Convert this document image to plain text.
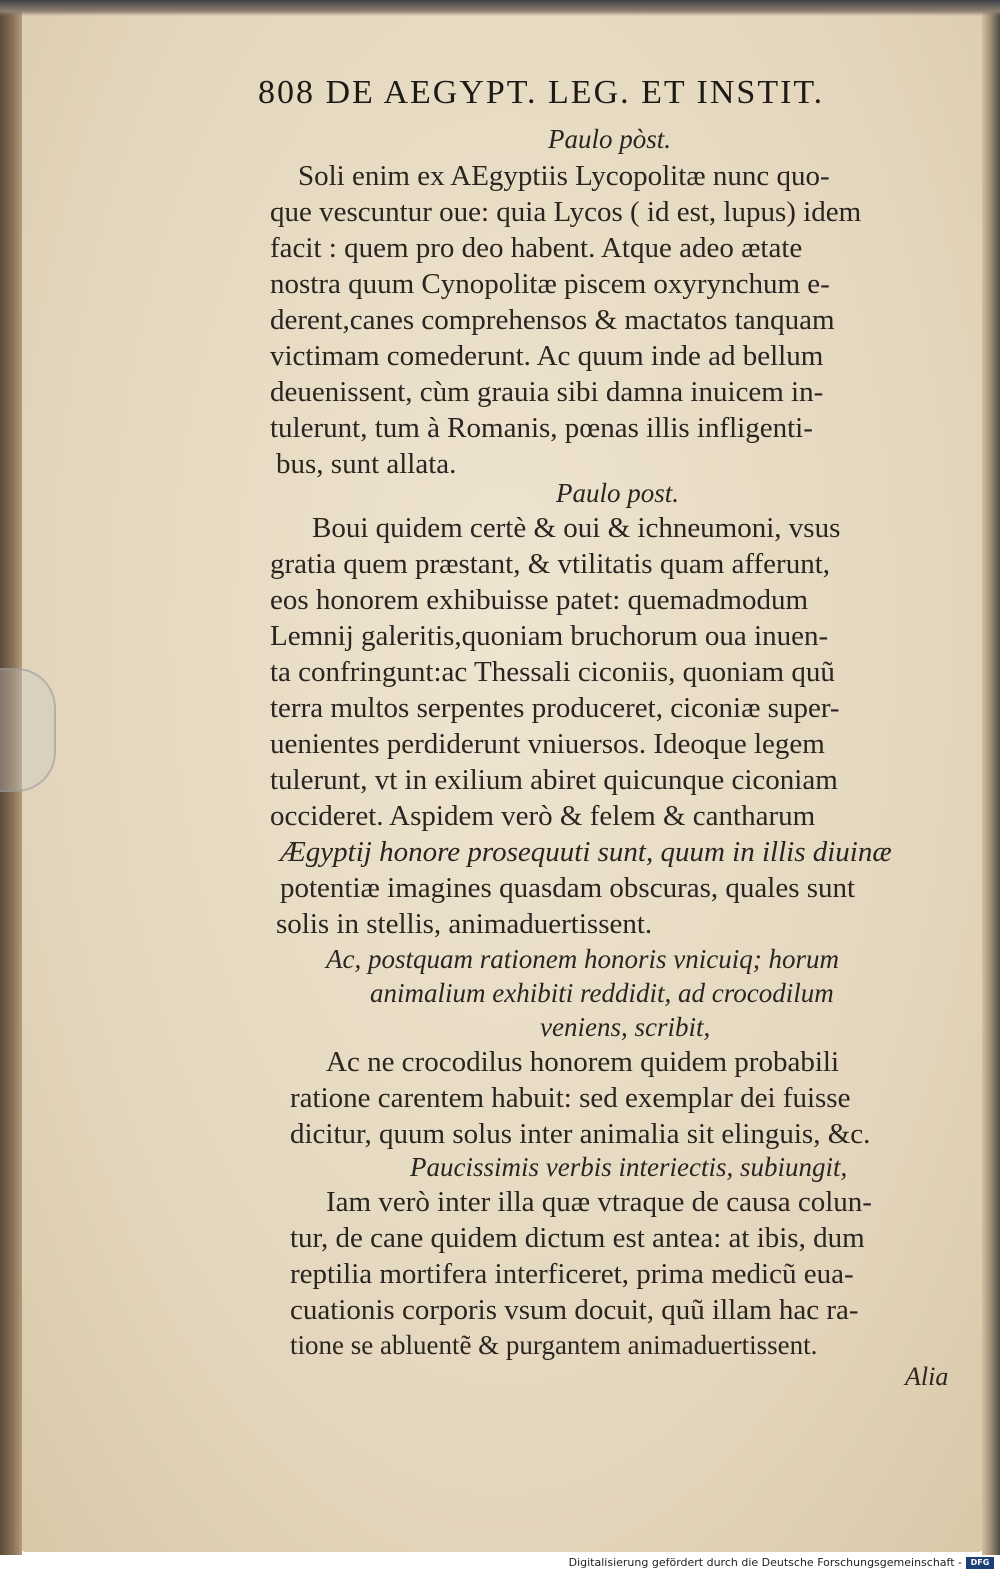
808 DE AEGYPT. LEG. ET INSTIT.
Paulo pòst.
Soli enim ex AEgyptiis Lycopolitæ nunc quo-
que vescuntur oue: quia Lycos ( id est, lupus) idem
facit : quem pro deo habent. Atque adeo ætate
nostra quum Cynopolitæ piscem oxyrynchum e-
derent,canes comprehensos & mactatos tanquam
victimam comederunt. Ac quum inde ad bellum
deuenissent, cùm grauia sibi damna inuicem in-
tulerunt, tum à Romanis, pœnas illis infligenti-
bus, sunt allata.
Paulo post.
Boui quidem certè & oui & ichneumoni, vsus
gratia quem præstant, & vtilitatis quam afferunt,
eos honorem exhibuisse patet: quemadmodum
Lemnij galeritis,quoniam bruchorum oua inuen-
ta confringunt:ac Thessali ciconiis, quoniam quũ
terra multos serpentes produceret, ciconiæ super-
uenientes perdiderunt vniuersos. Ideoque legem
tulerunt, vt in exilium abiret quicunque ciconiam
occideret. Aspidem verò & felem & cantharum
Ægyptij honore prosequuti sunt, quum in illis diuinæ
potentiæ imagines quasdam obscuras, quales sunt
solis in stellis, animaduertissent.
Ac, postquam rationem honoris vnicuiq; horum
animalium exhibiti reddidit, ad crocodilum
veniens, scribit,
Ac ne crocodilus honorem quidem probabili
ratione carentem habuit: sed exemplar dei fuisse
dicitur, quum solus inter animalia sit elinguis, &c.
Paucissimis verbis interiectis, subiungit,
Iam verò inter illa quæ vtraque de causa colun-
tur, de cane quidem dictum est antea: at ibis, dum
reptilia mortifera interficeret, prima medicũ eua-
cuationis corporis vsum docuit, quũ illam hac ra-
tione se abluentẽ & purgantem animaduertissent.
Alia
Digitalisierung gefördert durch die Deutsche Forschungsgemeinschaft -	DFG
